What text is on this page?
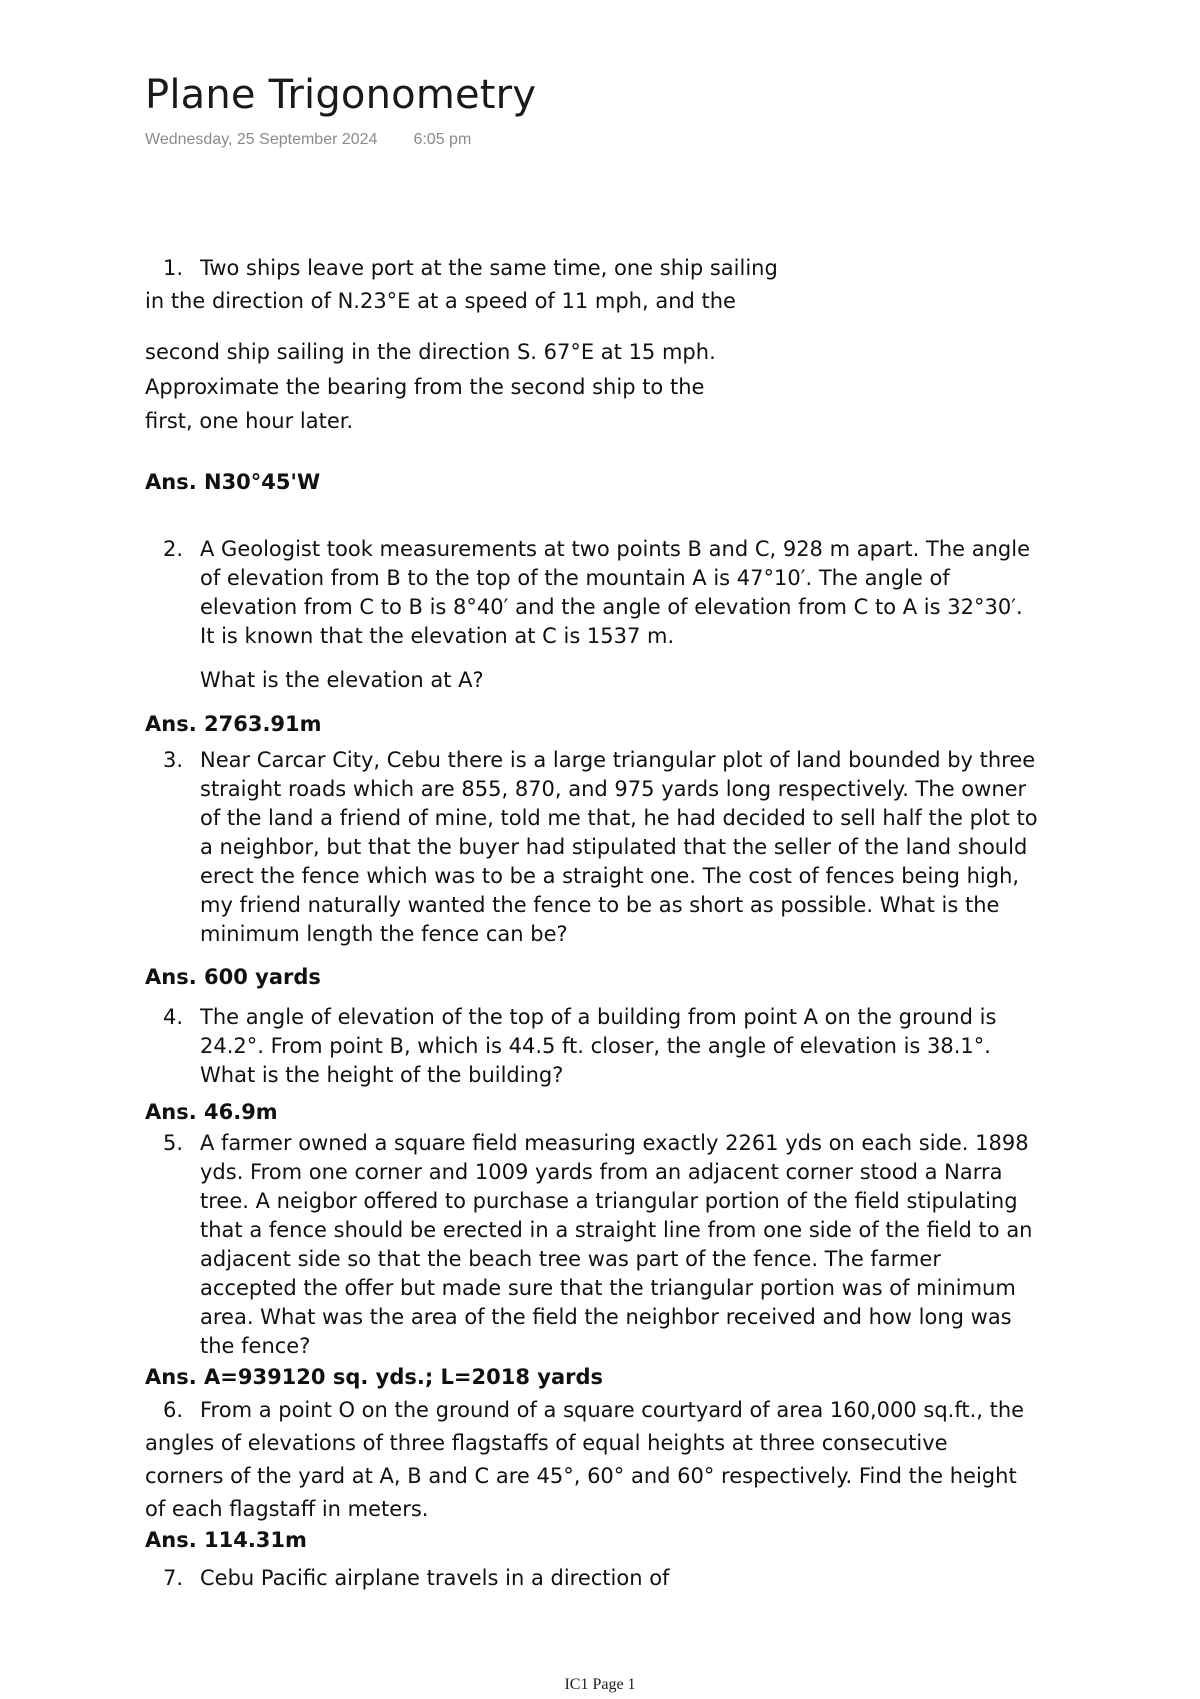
Plane Trigonometry
Wednesday, 25 September 2024 6:05 pm
1. Two ships leave port at the same time, one ship sailing
in the direction of N.23°E at a speed of 11 mph, and the
second ship sailing in the direction S. 67°E at 15 mph.
Approximate the bearing from the second ship to the
first, one hour later.
Ans. N30°45'W
2. A Geologist took measurements at two points B and C, 928 m apart. The angle
of elevation from B to the top of the mountain A is 47°10′. The angle of
elevation from C to B is 8°40′ and the angle of elevation from C to A is 32°30′.
It is known that the elevation at C is 1537 m.
What is the elevation at A?
Ans. 2763.91m
3. Near Carcar City, Cebu there is a large triangular plot of land bounded by three
straight roads which are 855, 870, and 975 yards long respectively. The owner
of the land a friend of mine, told me that, he had decided to sell half the plot to
a neighbor, but that the buyer had stipulated that the seller of the land should
erect the fence which was to be a straight one. The cost of fences being high,
my friend naturally wanted the fence to be as short as possible. What is the
minimum length the fence can be?
Ans. 600 yards
4. The angle of elevation of the top of a building from point A on the ground is
24.2°. From point B, which is 44.5 ft. closer, the angle of elevation is 38.1°.
What is the height of the building?
Ans. 46.9m
5. A farmer owned a square field measuring exactly 2261 yds on each side. 1898
yds. From one corner and 1009 yards from an adjacent corner stood a Narra
tree. A neigbor offered to purchase a triangular portion of the field stipulating
that a fence should be erected in a straight line from one side of the field to an
adjacent side so that the beach tree was part of the fence. The farmer
accepted the offer but made sure that the triangular portion was of minimum
area. What was the area of the field the neighbor received and how long was
the fence?
Ans. A=939120 sq. yds.; L=2018 yards
6. From a point O on the ground of a square courtyard of area 160,000 sq.ft., the
angles of elevations of three flagstaffs of equal heights at three consecutive
corners of the yard at A, B and C are 45°, 60° and 60° respectively. Find the height
of each flagstaff in meters.
Ans. 114.31m
7. Cebu Pacific airplane travels in a direction of
IC1 Page 1
